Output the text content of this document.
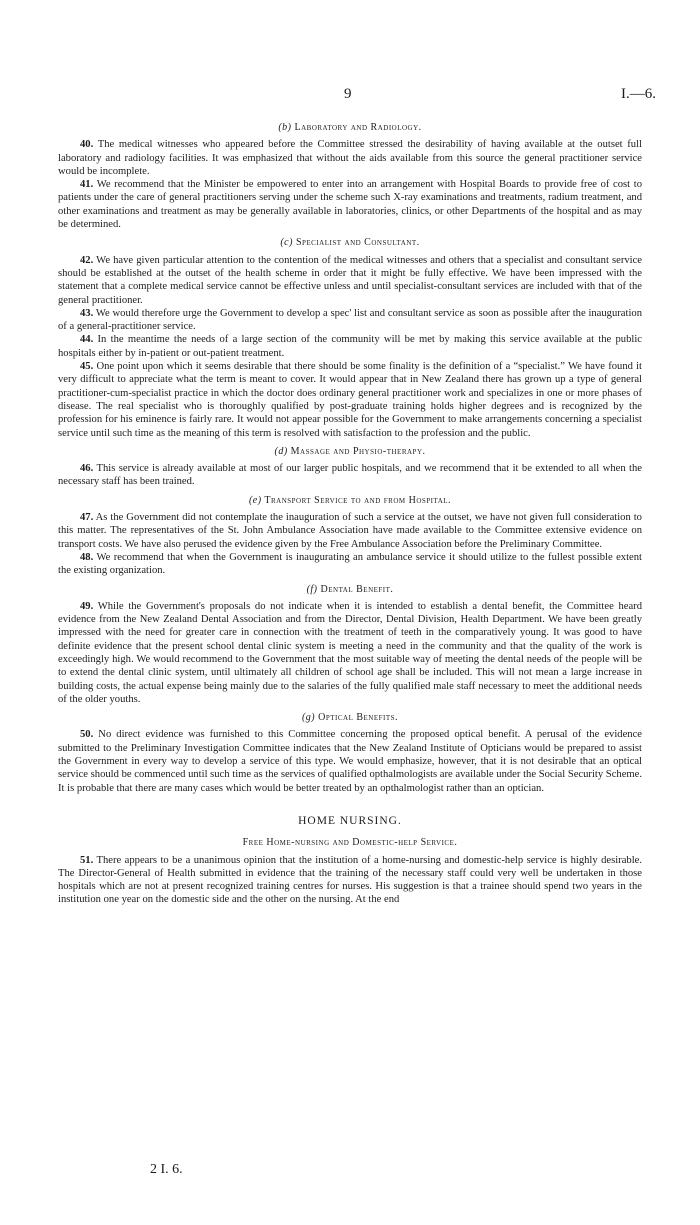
9	I.—6.
(b) Laboratory and Radiology.

40. The medical witnesses who appeared before the Committee stressed the desirability of having available at the outset full laboratory and radiology facilities. It was emphasized that without the aids available from this source the general practitioner service would be incomplete.

41. We recommend that the Minister be empowered to enter into an arrangement with Hospital Boards to provide free of cost to patients under the care of general practitioners serving under the scheme such X-ray examinations and treatments, radium treatment, and other examinations and treatment as may be generally available in laboratories, clinics, or other Departments of the hospital and as may be determined.

(c) Specialist and Consultant.

42. We have given particular attention to the contention of the medical witnesses and others that a specialist and consultant service should be established at the outset of the health scheme in order that it might be fully effective. We have been impressed with the statement that a complete medical service cannot be effective unless and until specialist-consultant services are included with that of the general practitioner.

43. We would therefore urge the Government to develop a spec' list and consultant service as soon as possible after the inauguration of a general-practitioner service.

44. In the meantime the needs of a large section of the community will be met by making this service available at the public hospitals either by in-patient or out-patient treatment.

45. One point upon which it seems desirable that there should be some finality is the definition of a “specialist.” We have found it very difficult to appreciate what the term is meant to cover. It would appear that in New Zealand there has grown up a type of general practitioner-cum-specialist practice in which the doctor does ordinary general practitioner work and specializes in one or more phases of disease. The real specialist who is thoroughly qualified by post-graduate training holds higher degrees and is recognized by the profession for his eminence is fairly rare. It would not appear possible for the Government to make arrangements concerning a specialist service until such time as the meaning of this term is resolved with satisfaction to the profession and the public.

(d) Massage and Physio-therapy.

46. This service is already available at most of our larger public hospitals, and we recommend that it be extended to all when the necessary staff has been trained.

(e) Transport Service to and from Hospital.

47. As the Government did not contemplate the inauguration of such a service at the outset, we have not given full consideration to this matter. The representatives of the St. John Ambulance Association have made available to the Committee extensive evidence on transport costs. We have also perused the evidence given by the Free Ambulance Association before the Preliminary Committee.

48. We recommend that when the Government is inaugurating an ambulance service it should utilize to the fullest possible extent the existing organization.

(f) Dental Benefit.

49. While the Government's proposals do not indicate when it is intended to establish a dental benefit, the Committee heard evidence from the New Zealand Dental Association and from the Director, Dental Division, Health Department. We have been greatly impressed with the need for greater care in connection with the treatment of teeth in the comparatively young. It was good to have definite evidence that the present school dental clinic system is meeting a need in the community and that the quality of the work is exceedingly high. We would recommend to the Government that the most suitable way of meeting the dental needs of the people will be to extend the dental clinic system, until ultimately all children of school age shall be included. This will not mean a large increase in building costs, the actual expense being mainly due to the salaries of the fully qualified male staff necessary to meet the additional needs of the older youths.

(g) Optical Benefits.

50. No direct evidence was furnished to this Committee concerning the proposed optical benefit. A perusal of the evidence submitted to the Preliminary Investigation Committee indicates that the New Zealand Institute of Opticians would be prepared to assist the Government in every way to develop a service of this type. We would emphasize, however, that it is not desirable that an optical service should be commenced until such time as the services of qualified opthalmologists are available under the Social Security Scheme. It is probable that there are many cases which would be better treated by an opthalmologist rather than an optician.

HOME NURSING.
Free Home-nursing and Domestic-help Service.

51. There appears to be a unanimous opinion that the institution of a home-nursing and domestic-help service is highly desirable. The Director-General of Health submitted in evidence that the training of the necessary staff could very well be undertaken in those hospitals which are not at present recognized training centres for nurses. His suggestion is that a trainee should spend two years in the institution one year on the domestic side and the other on the nursing. At the end

2 I. 6.
